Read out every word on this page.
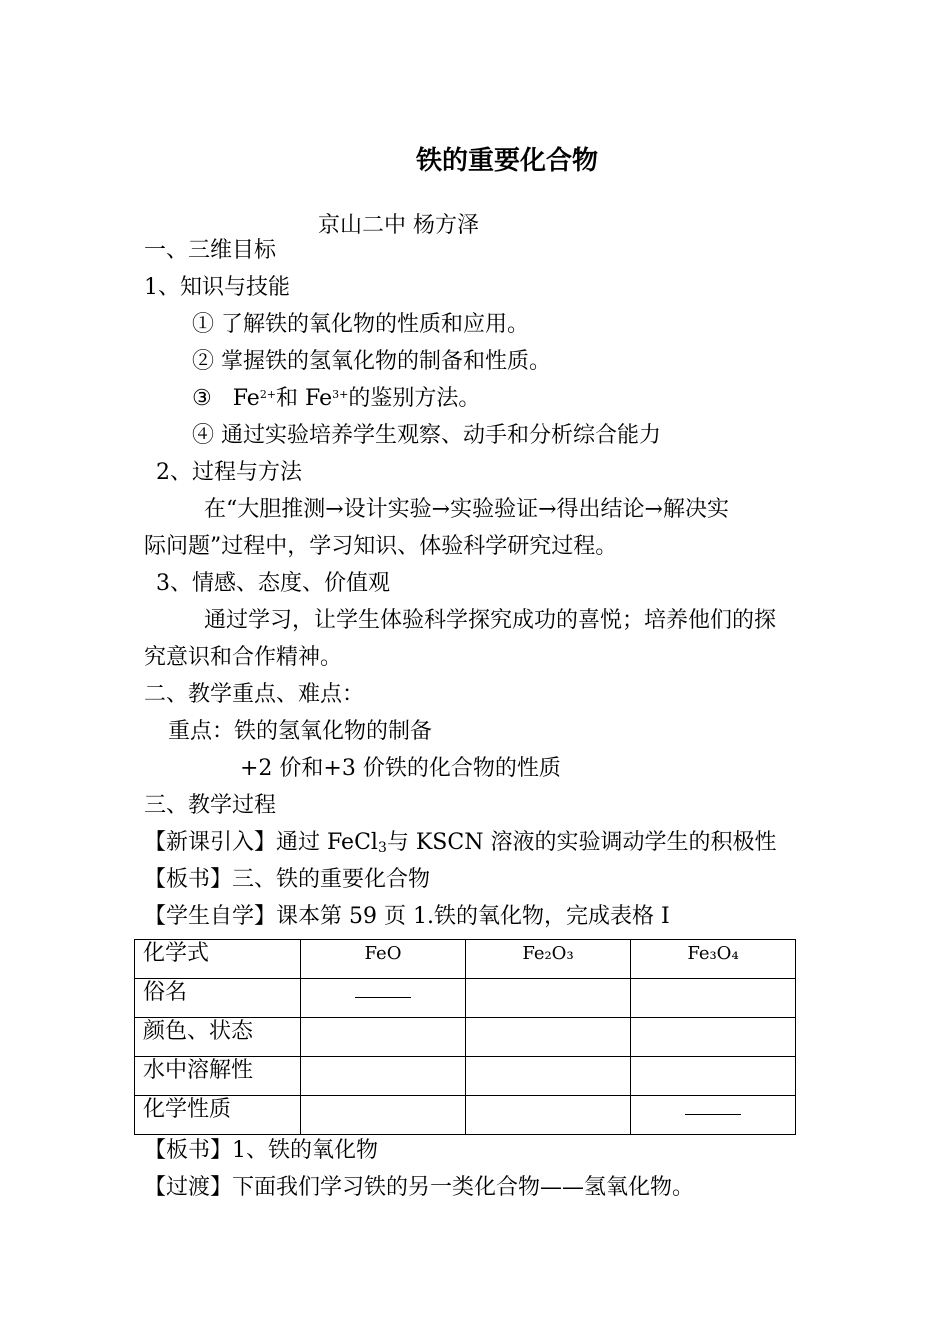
铁的重要化合物
京山二中 杨方泽
一、三维目标
1、知识与技能
① 了解铁的氧化物的性质和应用。
② 掌握铁的氢氧化物的制备和性质。
③ $Fe^{2+}$和 $Fe^{3+}$的鉴别方法。
④ 通过实验培养学生观察、动手和分析综合能力
2、过程与方法
在“大胆推测→设计实验→实验验证→得出结论→解决实
际问题”过程中，学习知识、体验科学研究过程。
3、情感、态度、价值观
通过学习，让学生体验科学探究成功的喜悦；培养他们的探
究意识和合作精神。
二、教学重点、难点：
重点：铁的氢氧化物的制备
+2 价和+3 价铁的化合物的性质
三、教学过程
【新课引入】通过 FeCl$_3$与 KSCN 溶液的实验调动学生的积极性
【板书】三、铁的重要化合物
【学生自学】课本第 59 页 1.铁的氧化物，完成表格 I
化学式	FeO	Fe₂O₃	Fe₃O₄
俗名			
颜色、状态			
水中溶解性			
化学性质			
【板书】1、铁的氧化物
【过渡】下面我们学习铁的另一类化合物——氢氧化物。
